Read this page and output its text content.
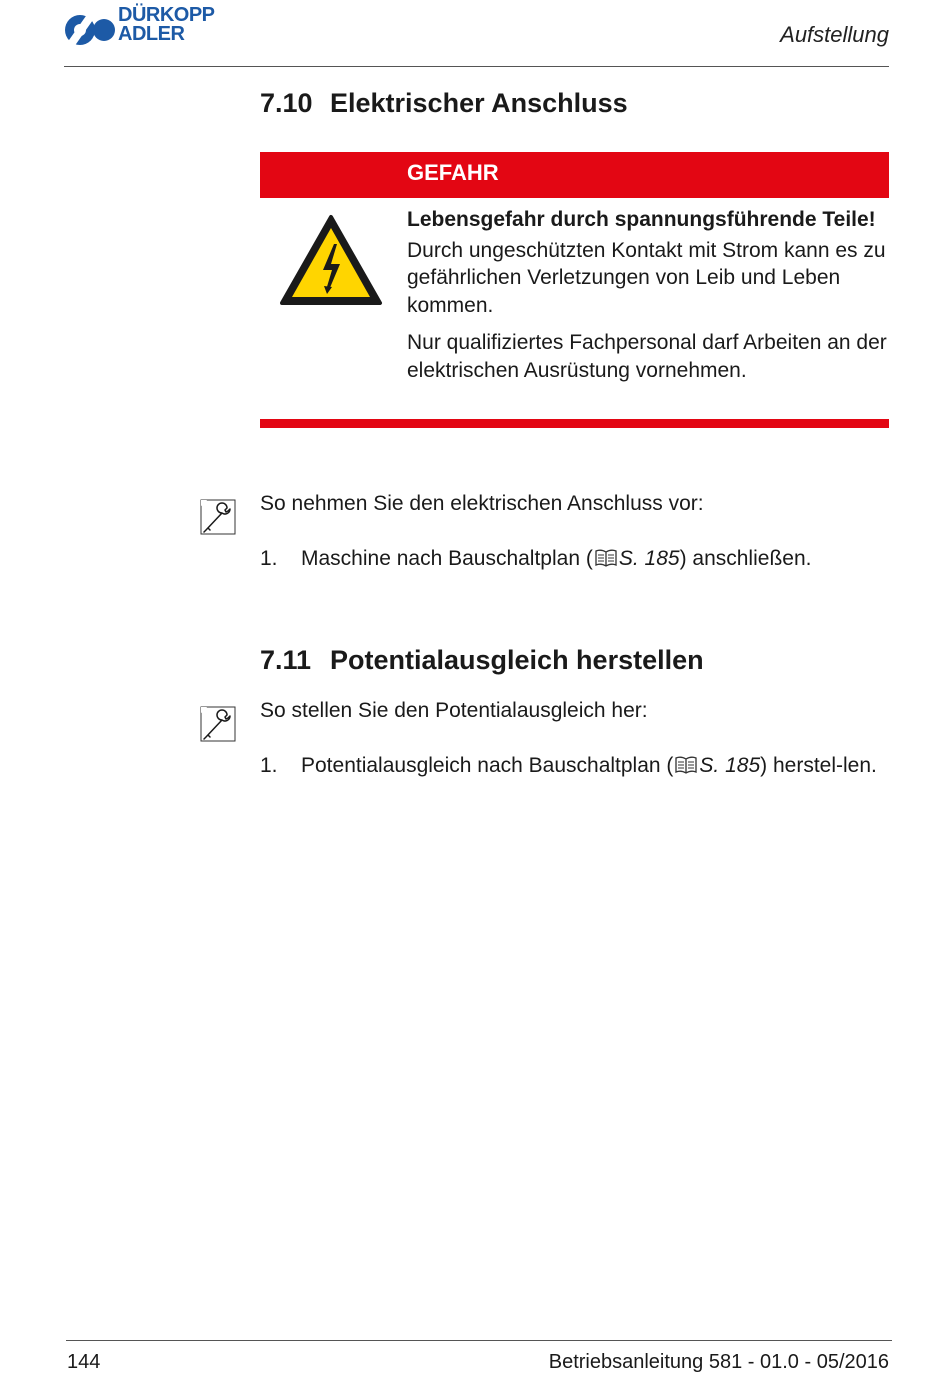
DÜRKOPP
ADLER	Aufstellung
7.10 Elektrischer Anschluss
GEFAHR
Lebensgefahr durch spannungsführende Teile!

Durch ungeschützten Kontakt mit Strom kann es zu gefährlichen Verletzungen von Leib und Leben kommen.

Nur qualifiziertes Fachpersonal darf Arbeiten an der elektrischen Ausrüstung vornehmen.

So nehmen Sie den elektrischen Anschluss vor:
1. Maschine nach Bauschaltplan ( S. 185) anschließen.
7.11 Potentialausgleich herstellen
So stellen Sie den Potentialausgleich her:
1. Potentialausgleich nach Bauschaltplan ( S. 185) herstel-len.
144	Betriebsanleitung 581 - 01.0 - 05/2016
